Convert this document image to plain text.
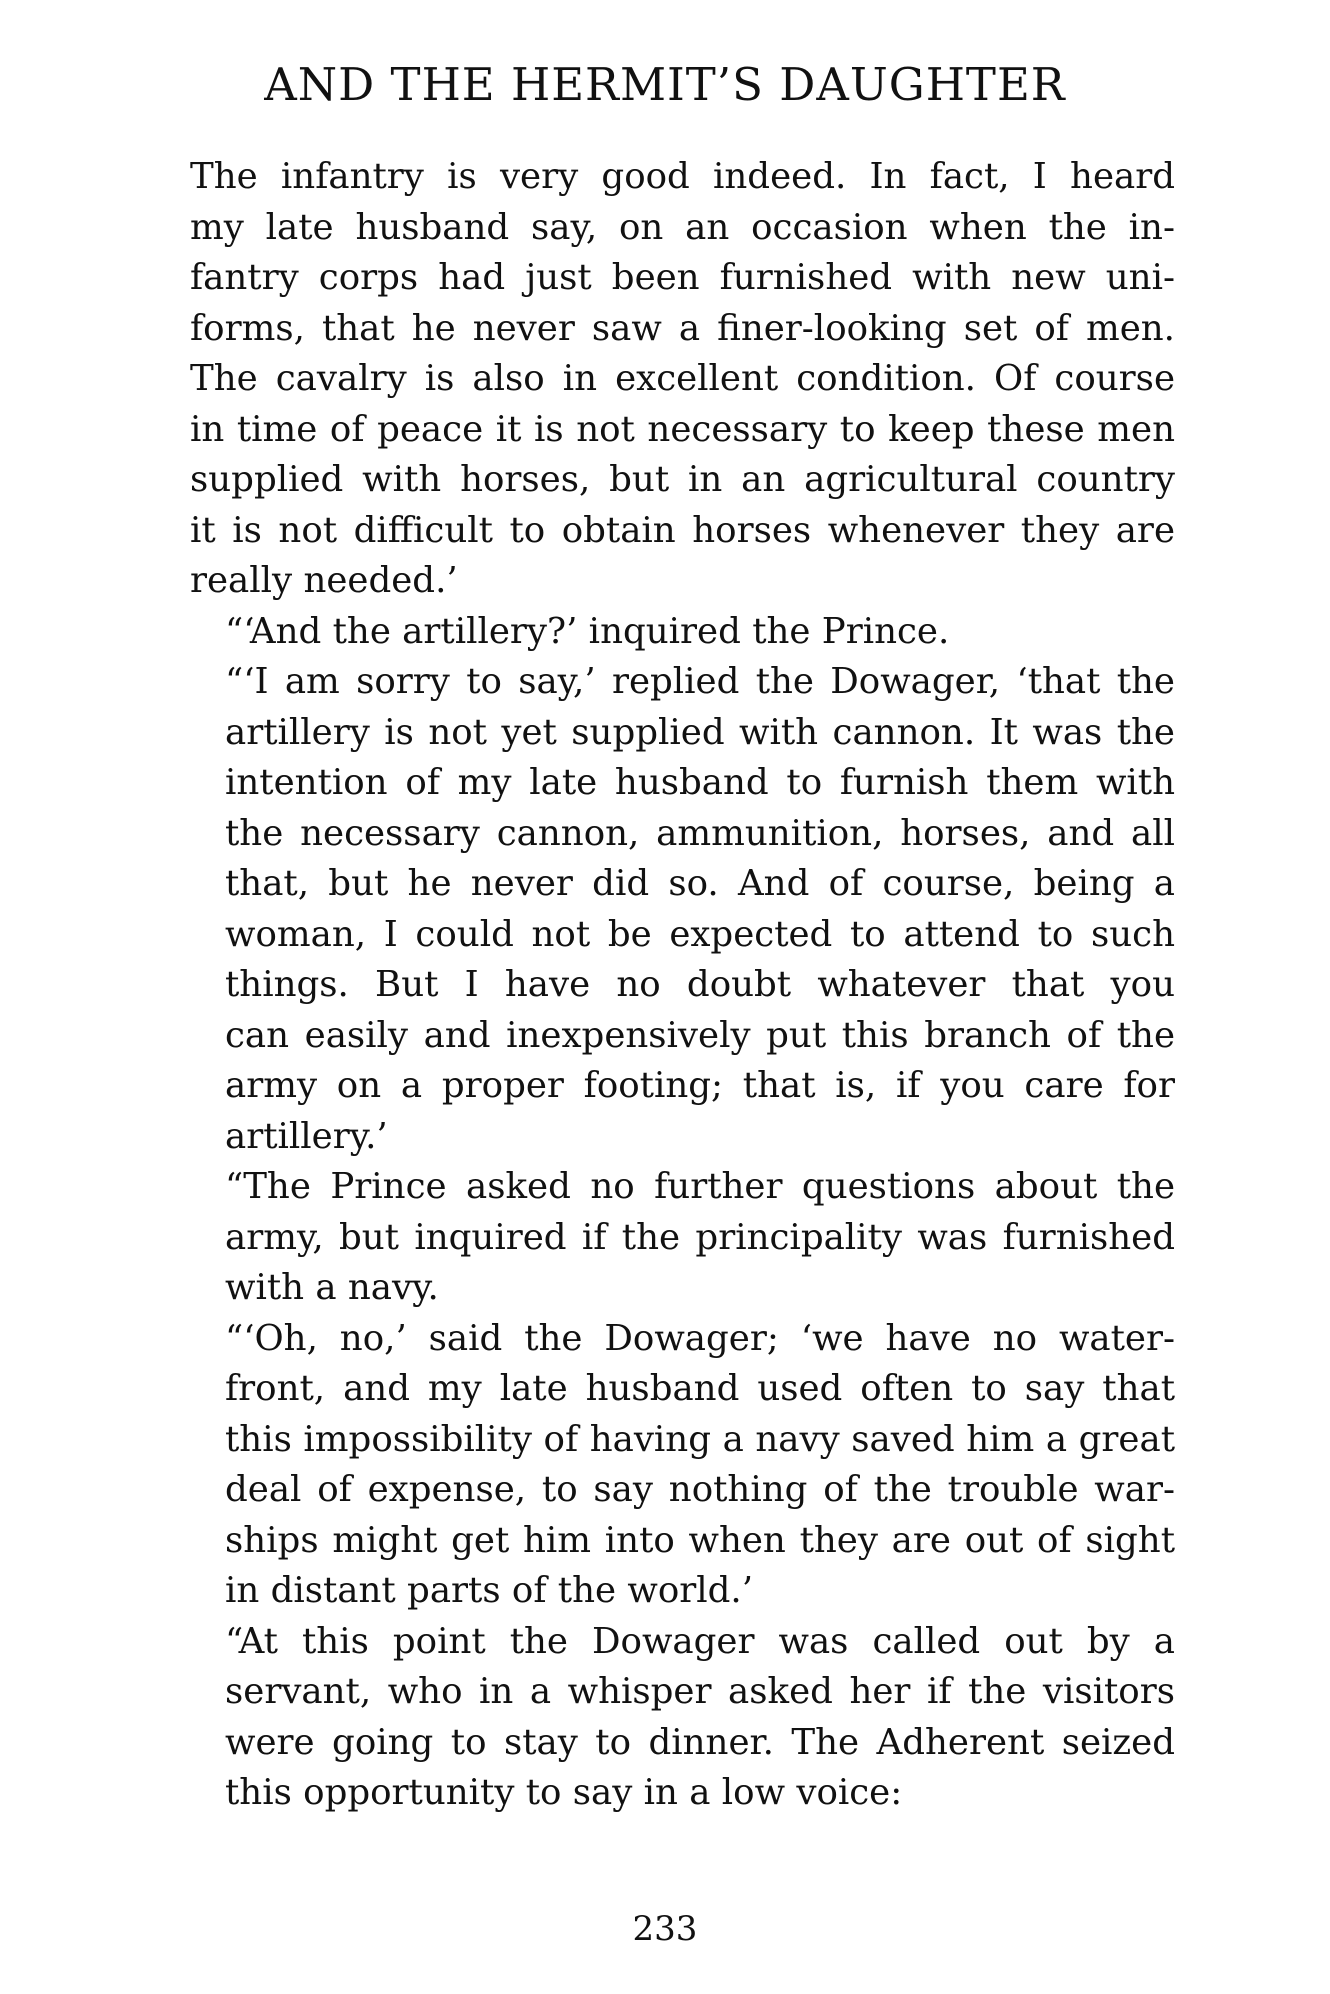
AND THE HERMIT’S DAUGHTER

The infantry is very good indeed. In fact, I heard
my late husband say, on an occasion when the in-
fantry corps had just been furnished with new uni-
forms, that he never saw a finer-looking set of men.
The cavalry is also in excellent condition. Of course
in time of peace it is not necessary to keep these men
supplied with horses, but in an agricultural country
it is not difficult to obtain horses whenever they are
really needed.’

“‘And the artillery?’ inquired the Prince.

“‘I am sorry to say,’ replied the Dowager, ‘that the
artillery is not yet supplied with cannon. It was the
intention of my late husband to furnish them with
the necessary cannon, ammunition, horses, and all
that, but he never did so. And of course, being a
woman, I could not be expected to attend to such
things. But I have no doubt whatever that you
can easily and inexpensively put this branch of the
army on a proper footing; that is, if you care for
artillery.’

“The Prince asked no further questions about the
army, but inquired if the principality was furnished
with a navy.

“‘Oh, no,’ said the Dowager; ‘we have no water-
front, and my late husband used often to say that
this impossibility of having a navy saved him a great
deal of expense, to say nothing of the trouble war-
ships might get him into when they are out of sight
in distant parts of the world.’

“At this point the Dowager was called out by a
servant, who in a whisper asked her if the visitors
were going to stay to dinner. The Adherent seized
this opportunity to say in a low voice:

233
